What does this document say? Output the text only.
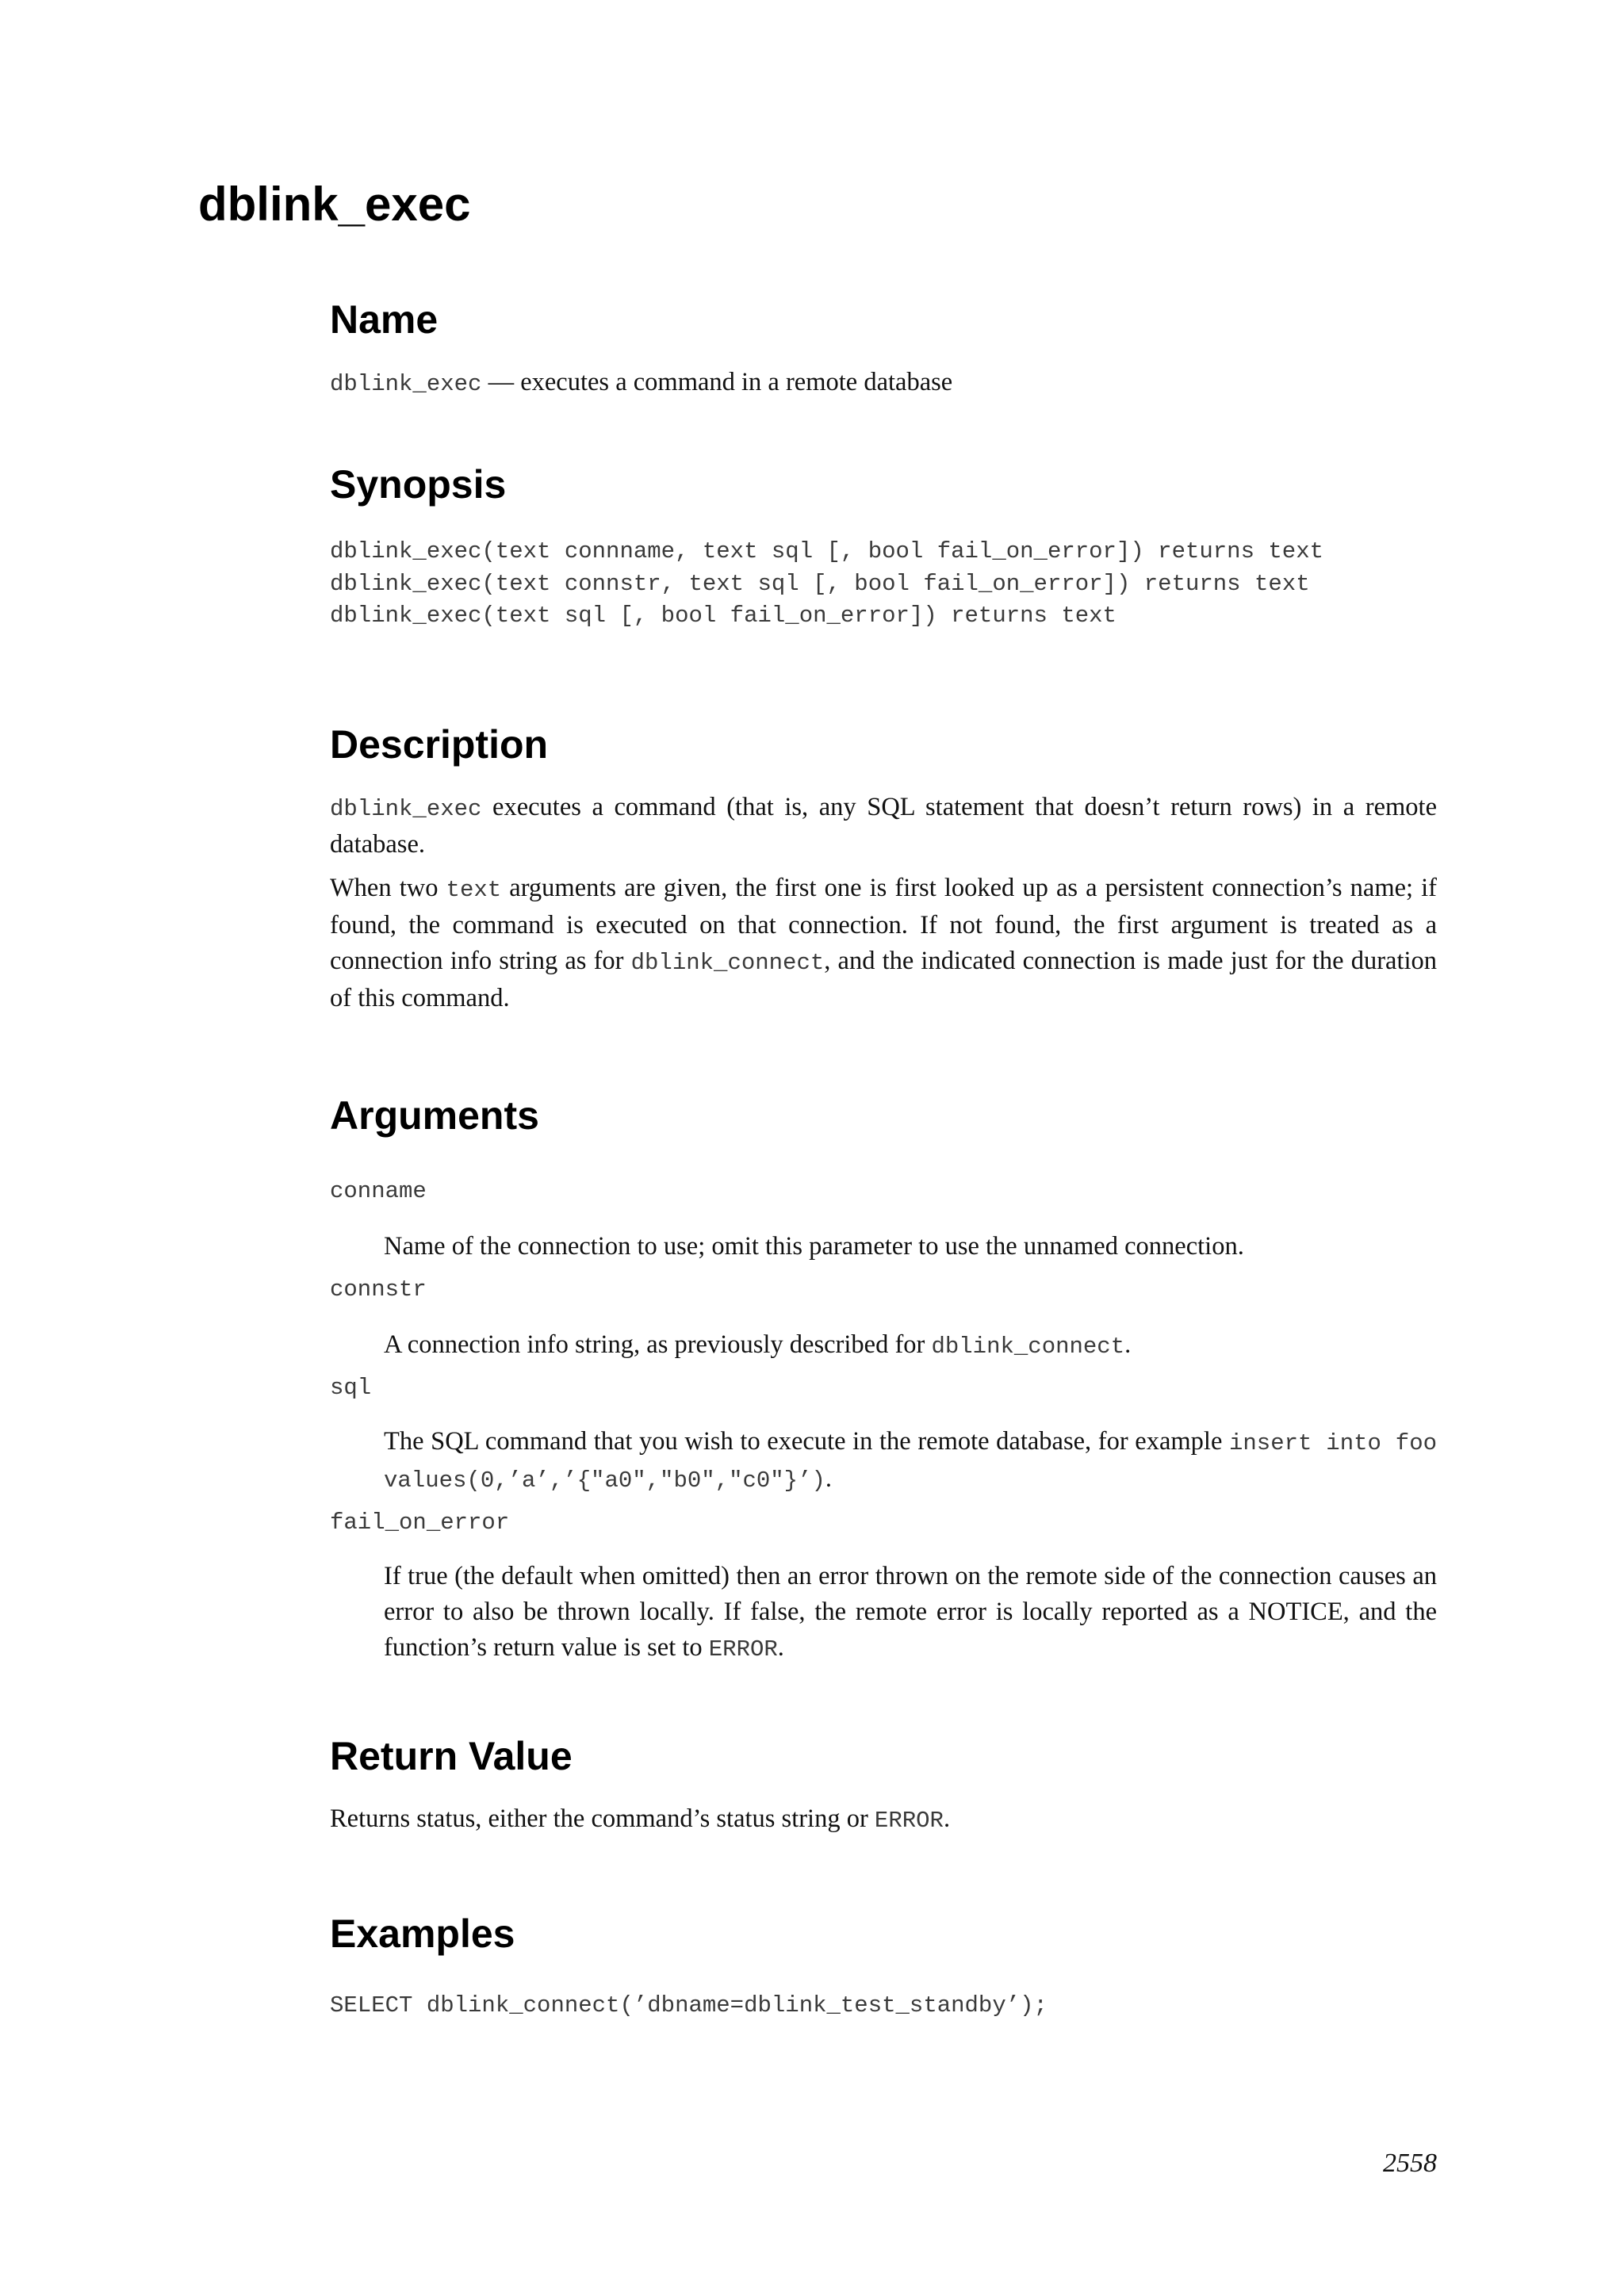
dblink_exec
Name

dblink_exec — executes a command in a remote database

Synopsis
dblink_exec(text connname, text sql [, bool fail_on_error]) returns text
dblink_exec(text connstr, text sql [, bool fail_on_error]) returns text
dblink_exec(text sql [, bool fail_on_error]) returns text
Description

dblink_exec executes a command (that is, any SQL statement that doesn’t return rows) in a remote database.

When two text arguments are given, the first one is first looked up as a persistent connection’s name; if found, the command is executed on that connection. If not found, the first argument is treated as a connection info string as for dblink_connect, and the indicated connection is made just for the duration of this command.

Arguments
conname

Name of the connection to use; omit this parameter to use the unnamed connection.

connstr

A connection info string, as previously described for dblink_connect.

sql

The SQL command that you wish to execute in the remote database, for example insert into foo values(0,’a’,’{"a0","b0","c0"}’).

fail_on_error

If true (the default when omitted) then an error thrown on the remote side of the connection causes an error to also be thrown locally. If false, the remote error is locally reported as a NOTICE, and the function’s return value is set to ERROR.

Return Value

Returns status, either the command’s status string or ERROR.

Examples
SELECT dblink_connect(’dbname=dblink_test_standby’);
2558
